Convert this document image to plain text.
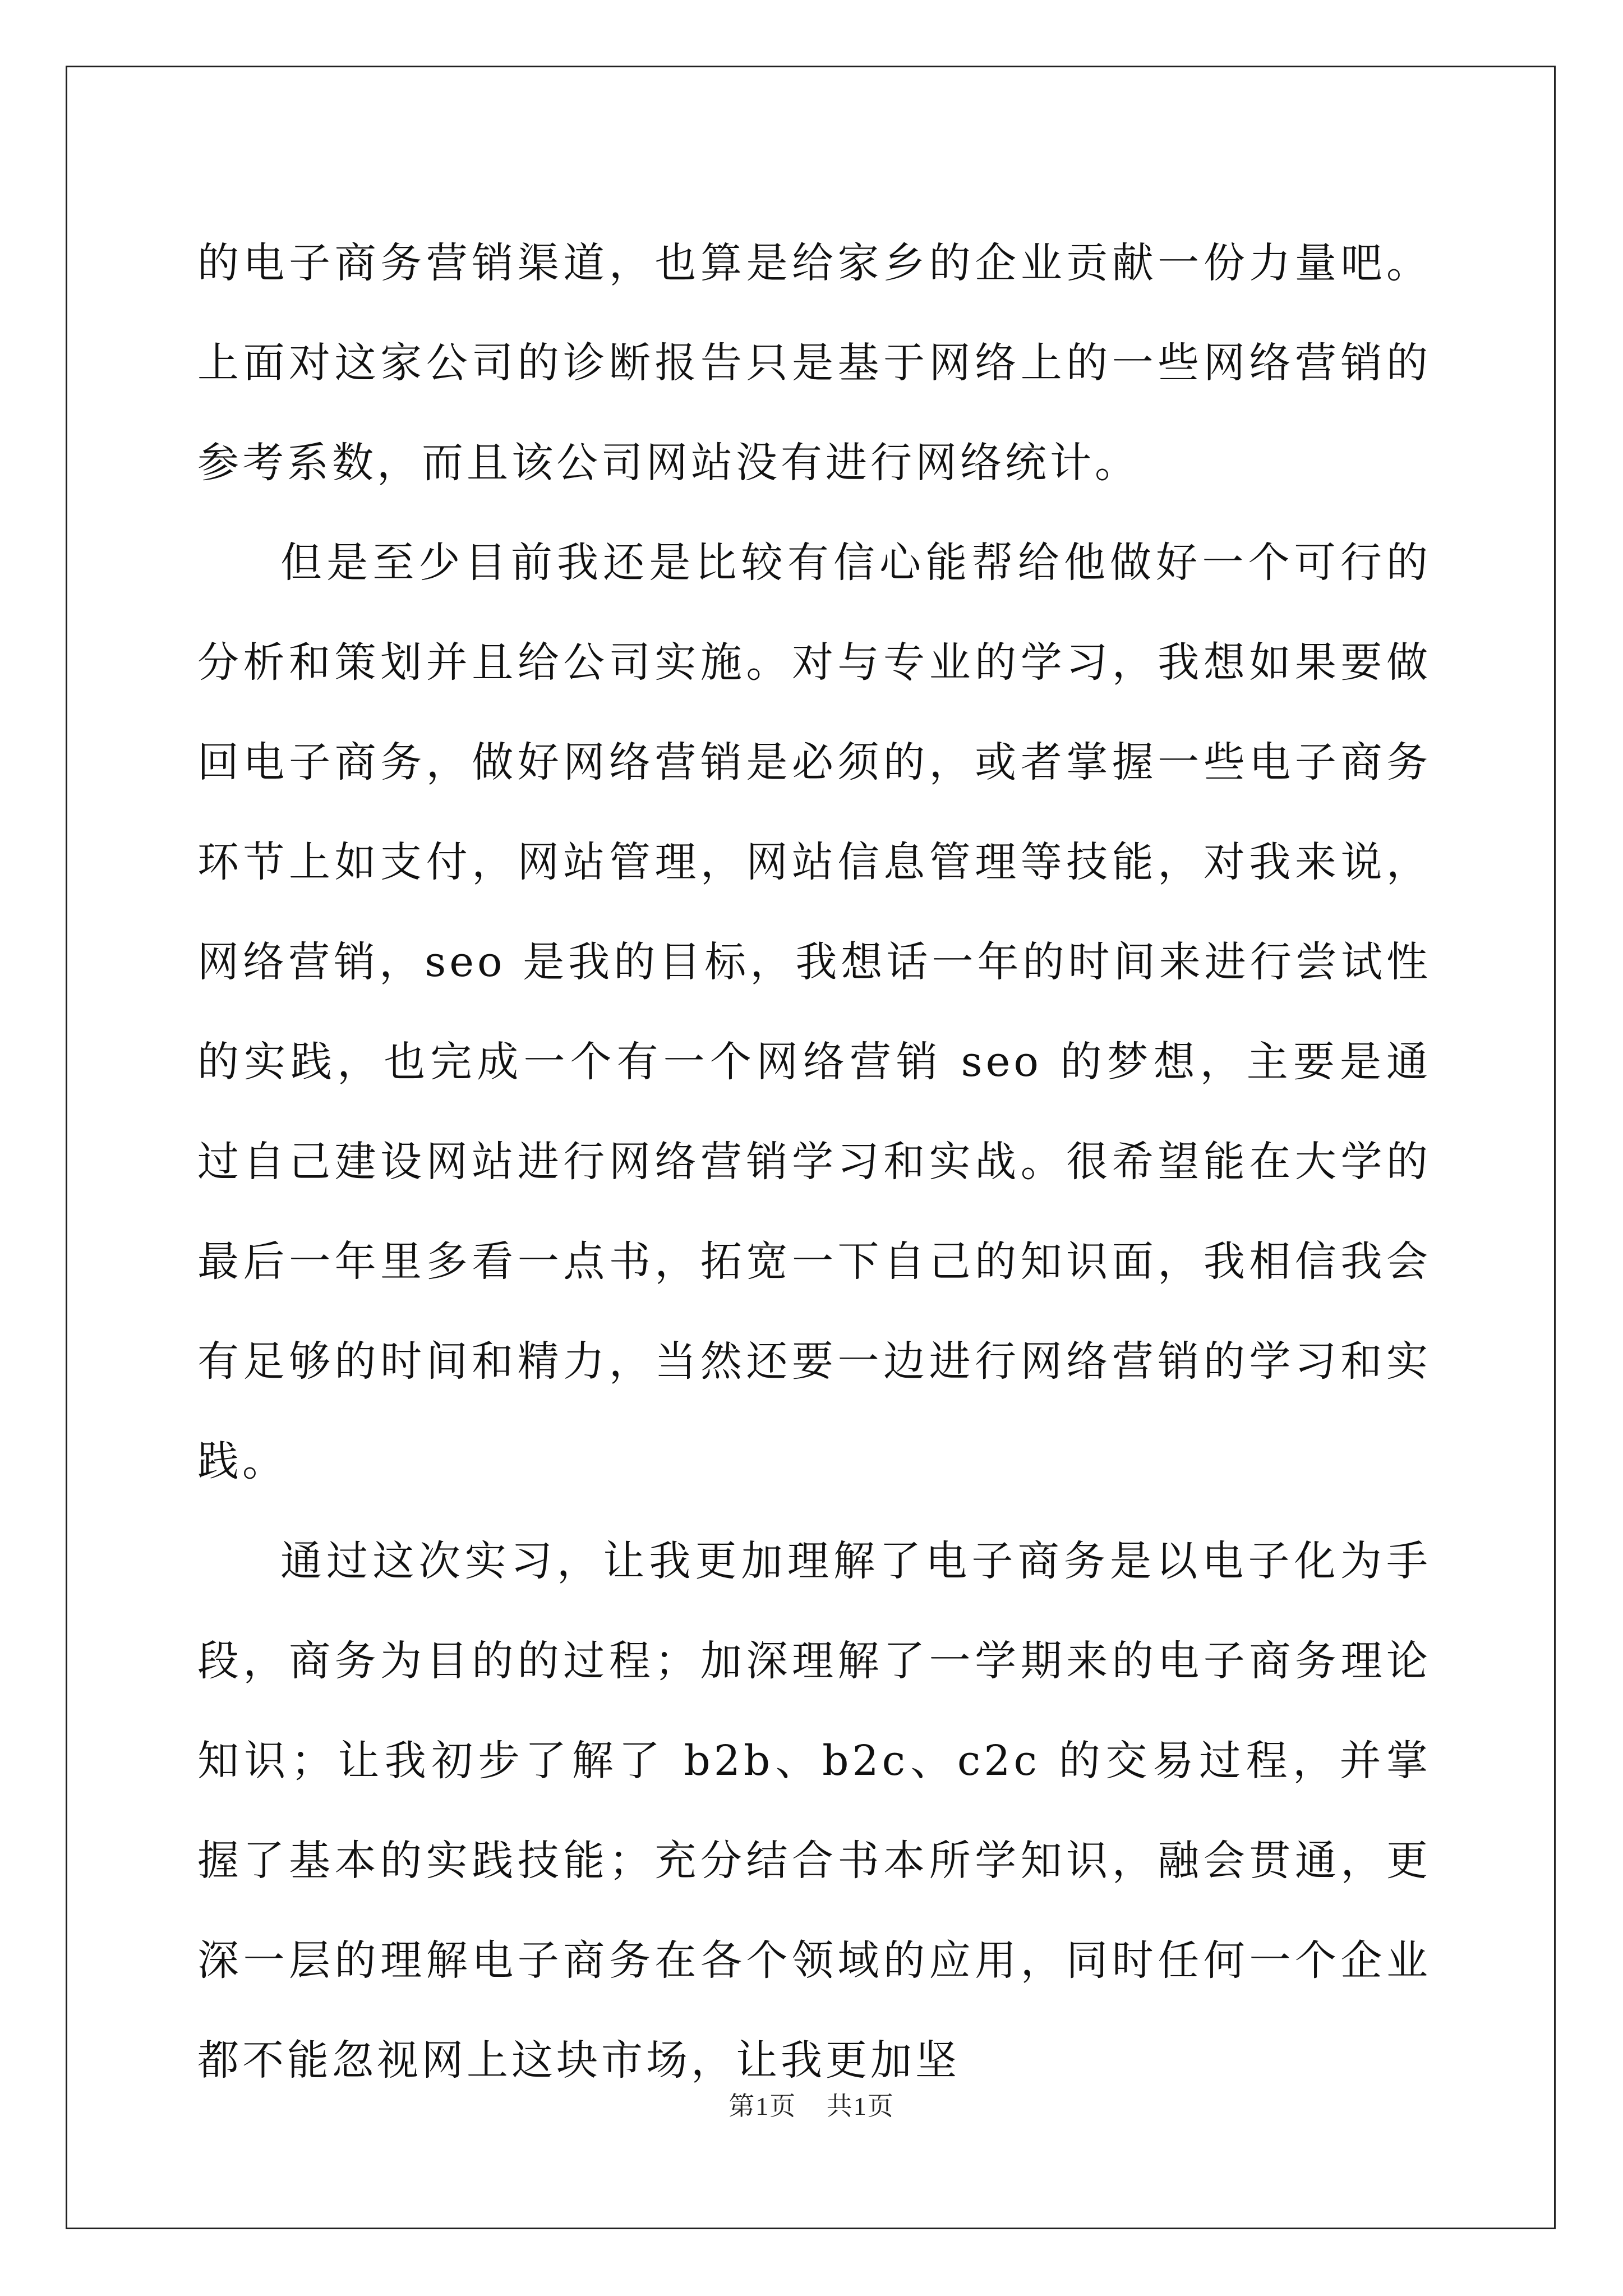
的电子商务营销渠道，也算是给家乡的企业贡献一份力量吧。上面对这家公司的诊断报告只是基于网络上的一些网络营销的参考系数，而且该公司网站没有进行网络统计。

但是至少目前我还是比较有信心能帮给他做好一个可行的分析和策划并且给公司实施。对与专业的学习，我想如果要做回电子商务，做好网络营销是必须的，或者掌握一些电子商务环节上如支付，网站管理，网站信息管理等技能，对我来说，网络营销，seo 是我的目标，我想话一年的时间来进行尝试性的实践，也完成一个有一个网络营销 seo 的梦想，主要是通过自己建设网站进行网络营销学习和实战。很希望能在大学的最后一年里多看一点书，拓宽一下自己的知识面，我相信我会有足够的时间和精力，当然还要一边进行网络营销的学习和实践。

通过这次实习，让我更加理解了电子商务是以电子化为手段，商务为目的的过程；加深理解了一学期来的电子商务理论知识；让我初步了解了 b2b、b2c、c2c 的交易过程，并掌握了基本的实践技能；充分结合书本所学知识，融会贯通，更深一层的理解电子商务在各个领域的应用，同时任何一个企业都不能忽视网上这块市场，让我更加坚

第1页 共1页
